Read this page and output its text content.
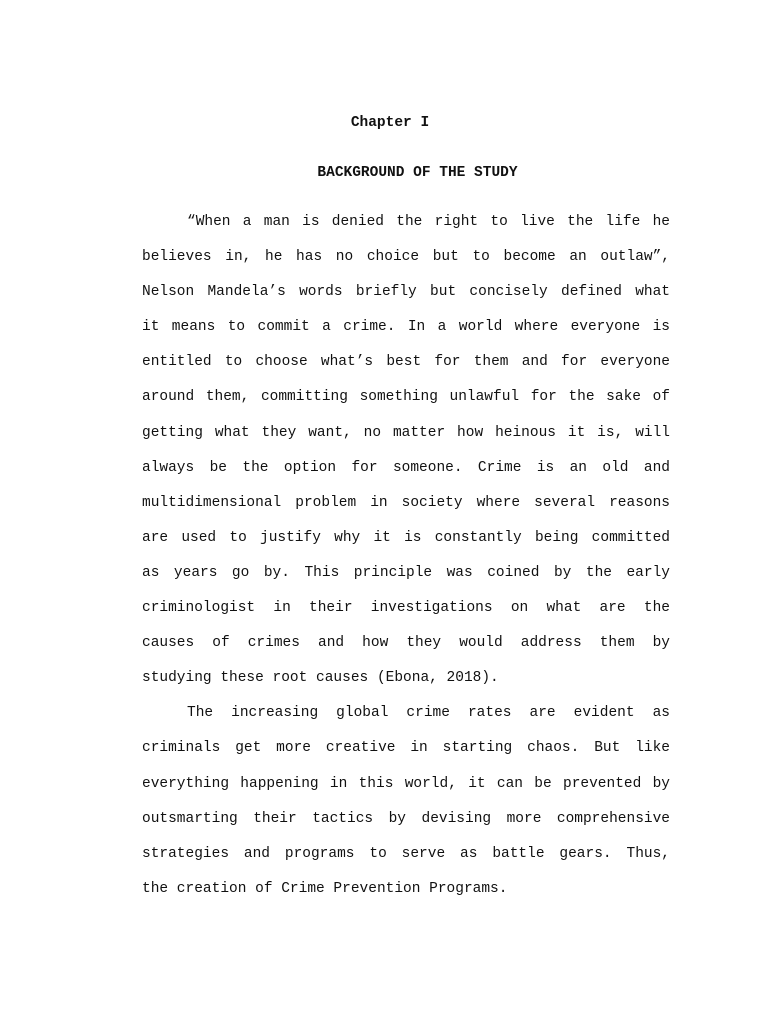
Chapter I
BACKGROUND OF THE STUDY
“When a man is denied the right to live the life he
believes in, he has no choice but to become an outlaw”,
Nelson Mandela’s words briefly but concisely defined what
it means to commit a crime. In a world where everyone is
entitled to choose what’s best for them and for everyone
around them, committing something unlawful for the sake of
getting what they want, no matter how heinous it is, will
always be the option for someone. Crime is an old and
multidimensional problem in society where several reasons
are used to justify why it is constantly being committed
as years go by. This principle was coined by the early
criminologist in their investigations on what are the
causes of crimes and how they would address them by
studying these root causes (Ebona, 2018).
The increasing global crime rates are evident as
criminals get more creative in starting chaos. But like
everything happening in this world, it can be prevented by
outsmarting their tactics by devising more comprehensive
strategies and programs to serve as battle gears. Thus,
the creation of Crime Prevention Programs.
